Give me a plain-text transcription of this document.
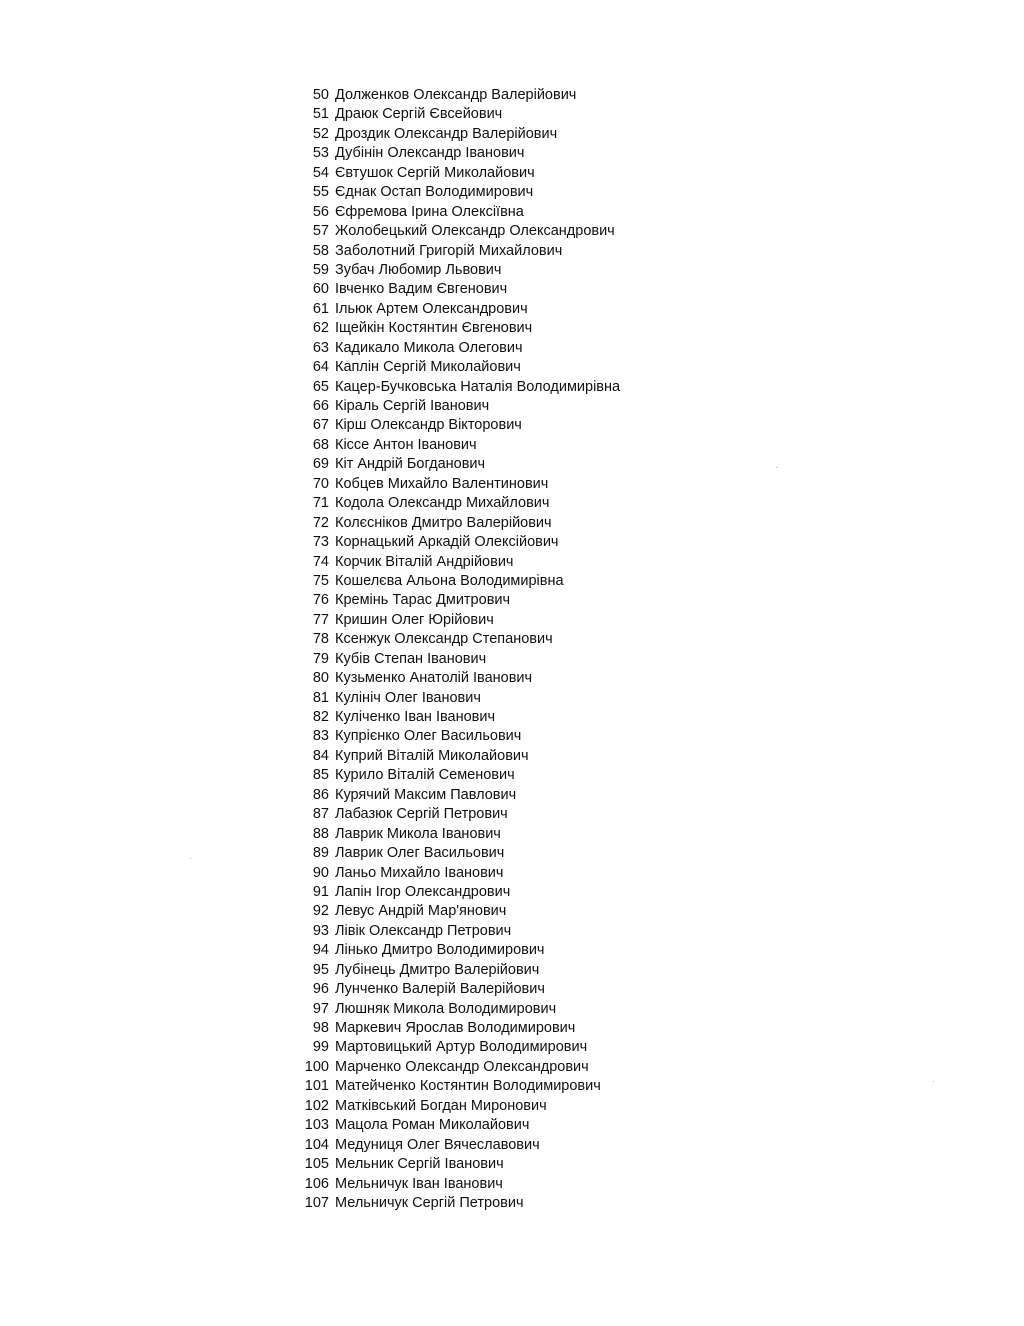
50 Долженков Олександр Валерійович
51 Драюк Сергій Євсейович
52 Дроздик Олександр Валерійович
53 Дубінін Олександр Іванович
54 Євтушок Сергій Миколайович
55 Єднак Остап Володимирович
56 Єфремова Ірина Олексіївна
57 Жолобецький Олександр Олександрович
58 Заболотний Григорій Михайлович
59 Зубач Любомир Львович
60 Івченко Вадим Євгенович
61 Ільюк Артем Олександрович
62 Іщейкін Костянтин Євгенович
63 Кадикало Микола Олегович
64 Каплін Сергій Миколайович
65 Кацер-Бучковська Наталія Володимирівна
66 Кіраль Сергій Іванович
67 Кірш Олександр Вікторович
68 Кіссе Антон Іванович
69 Кіт Андрій Богданович
70 Кобцев Михайло Валентинович
71 Кодола Олександр Михайлович
72 Колєсніков Дмитро Валерійович
73 Корнацький Аркадій Олексійович
74 Корчик Віталій Андрійович
75 Кошелєва Альона Володимирівна
76 Кремінь Тарас Дмитрович
77 Кришин Олег Юрійович
78 Ксенжук Олександр Степанович
79 Кубів Степан Іванович
80 Кузьменко Анатолій Іванович
81 Кулініч Олег Іванович
82 Куліченко Іван Іванович
83 Купрієнко Олег Васильович
84 Куприй Віталій Миколайович
85 Курило Віталій Семенович
86 Курячий Максим Павлович
87 Лабазюк Сергій Петрович
88 Лаврик Микола Іванович
89 Лаврик Олег Васильович
90 Ланьо Михайло Іванович
91 Лапін Ігор Олександрович
92 Левус Андрій Мар'янович
93 Лівік Олександр Петрович
94 Лінько Дмитро Володимирович
95 Лубінець Дмитро Валерійович
96 Лунченко Валерій Валерійович
97 Люшняк Микола Володимирович
98 Маркевич Ярослав Володимирович
99 Мартовицький Артур Володимирович
100 Марченко Олександр Олександрович
101 Матейченко Костянтин Володимирович
102 Матківський Богдан Миронович
103 Мацола Роман Миколайович
104 Медуниця Олег Вячеславович
105 Мельник Сергій Іванович
106 Мельничук Іван Іванович
107 Мельничук Сергій Петрович
